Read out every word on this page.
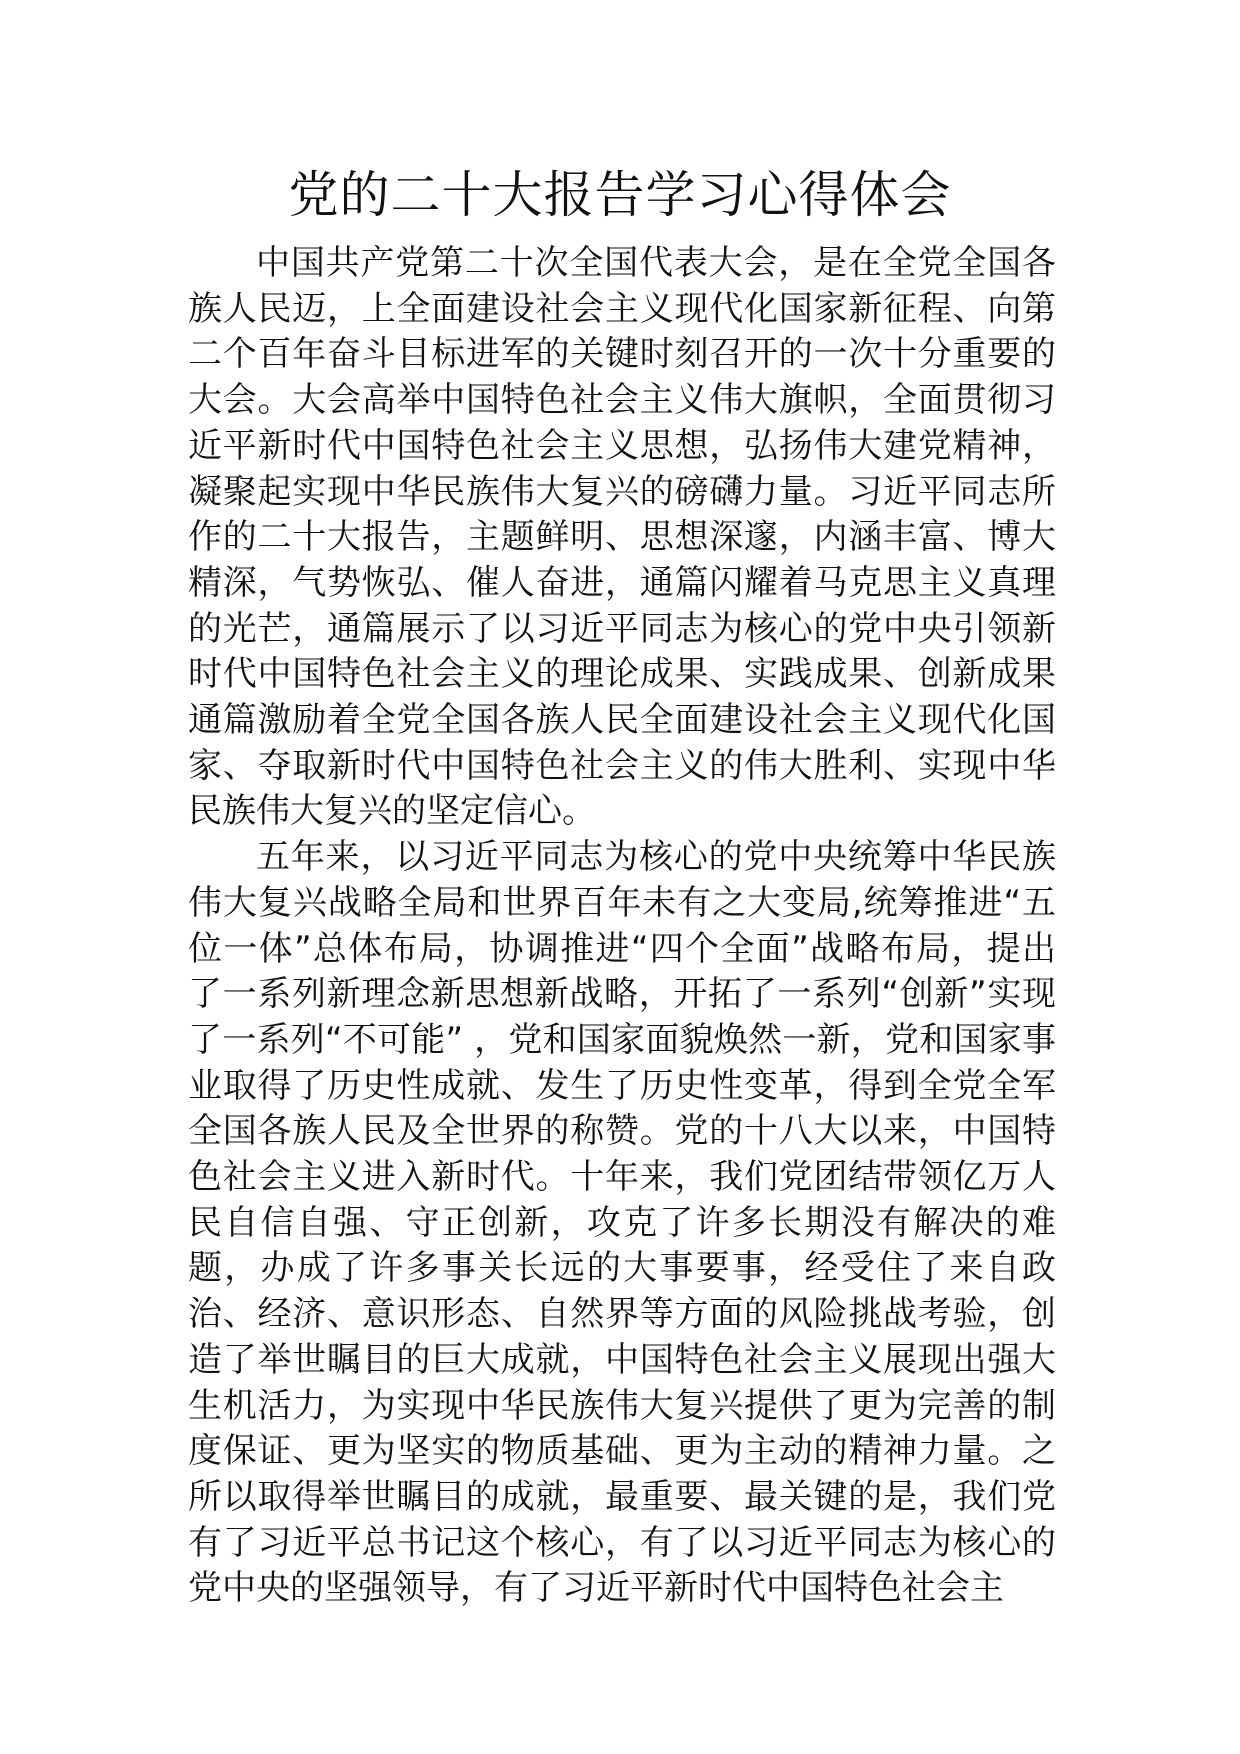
党的二十大报告学习心得体会

中国共产党第二十次全国代表大会，是在全党全国各族人民迈，上全面建设社会主义现代化国家新征程、向第二个百年奋斗目标进军的关键时刻召开的一次十分重要的大会。大会高举中国特色社会主义伟大旗帜，全面贯彻习近平新时代中国特色社会主义思想，弘扬伟大建党精神，凝聚起实现中华民族伟大复兴的磅礴力量。习近平同志所作的二十大报告，主题鲜明、思想深邃，内涵丰富、博大精深，气势恢弘、催人奋进，通篇闪耀着马克思主义真理的光芒，通篇展示了以习近平同志为核心的党中央引领新时代中国特色社会主义的理论成果、实践成果、创新成果通篇激励着全党全国各族人民全面建设社会主义现代化国家、夺取新时代中国特色社会主义的伟大胜利、实现中华民族伟大复兴的坚定信心。

五年来，以习近平同志为核心的党中央统筹中华民族伟大复兴战略全局和世界百年未有之大变局,统筹推进“五位一体”总体布局，协调推进“四个全面”战略布局，提出了一系列新理念新思想新战略，开拓了一系列“创新”实现了一系列“不可能” ，党和国家面貌焕然一新，党和国家事业取得了历史性成就、发生了历史性变革，得到全党全军全国各族人民及全世界的称赞。党的十八大以来，中国特色社会主义进入新时代。十年来，我们党团结带领亿万人民自信自强、守正创新，攻克了许多长期没有解决的难题，办成了许多事关长远的大事要事，经受住了来自政治、经济、意识形态、自然界等方面的风险挑战考验，创造了举世瞩目的巨大成就，中国特色社会主义展现出强大生机活力，为实现中华民族伟大复兴提供了更为完善的制度保证、更为坚实的物质基础、更为主动的精神力量。之所以取得举世瞩目的成就，最重要、最关键的是，我们党有了习近平总书记这个核心，有了以习近平同志为核心的党中央的坚强领导，有了习近平新时代中国特色社会主
